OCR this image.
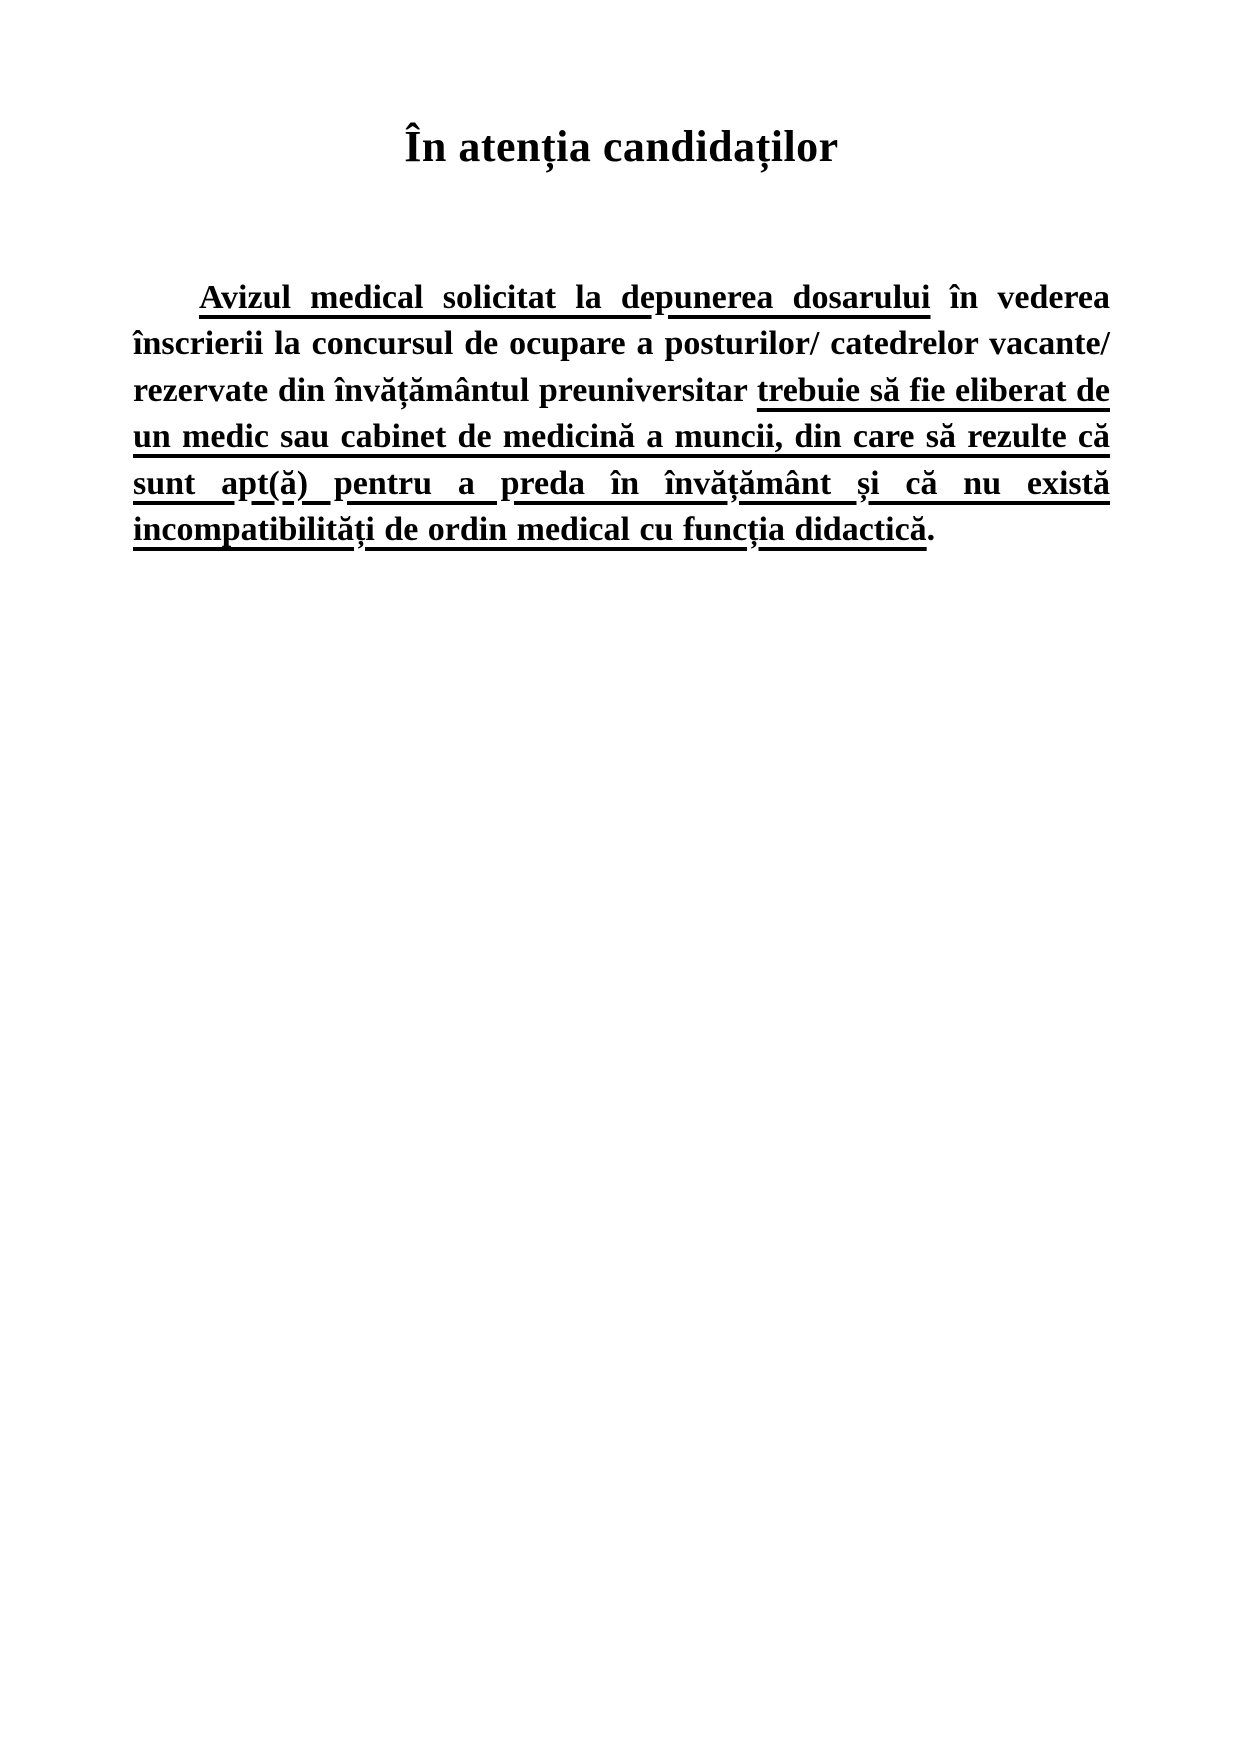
În atenția candidaților

Avizul medical solicitat la depunerea dosarului în vederea înscrierii la concursul de ocupare a posturilor/ catedrelor vacante/ rezervate din învățământul preuniversitar trebuie să fie eliberat de un medic sau cabinet de medicină a muncii, din care să rezulte că sunt apt(ă) pentru a preda în învățământ și că nu există incompatibilități de ordin medical cu funcția didactică.
